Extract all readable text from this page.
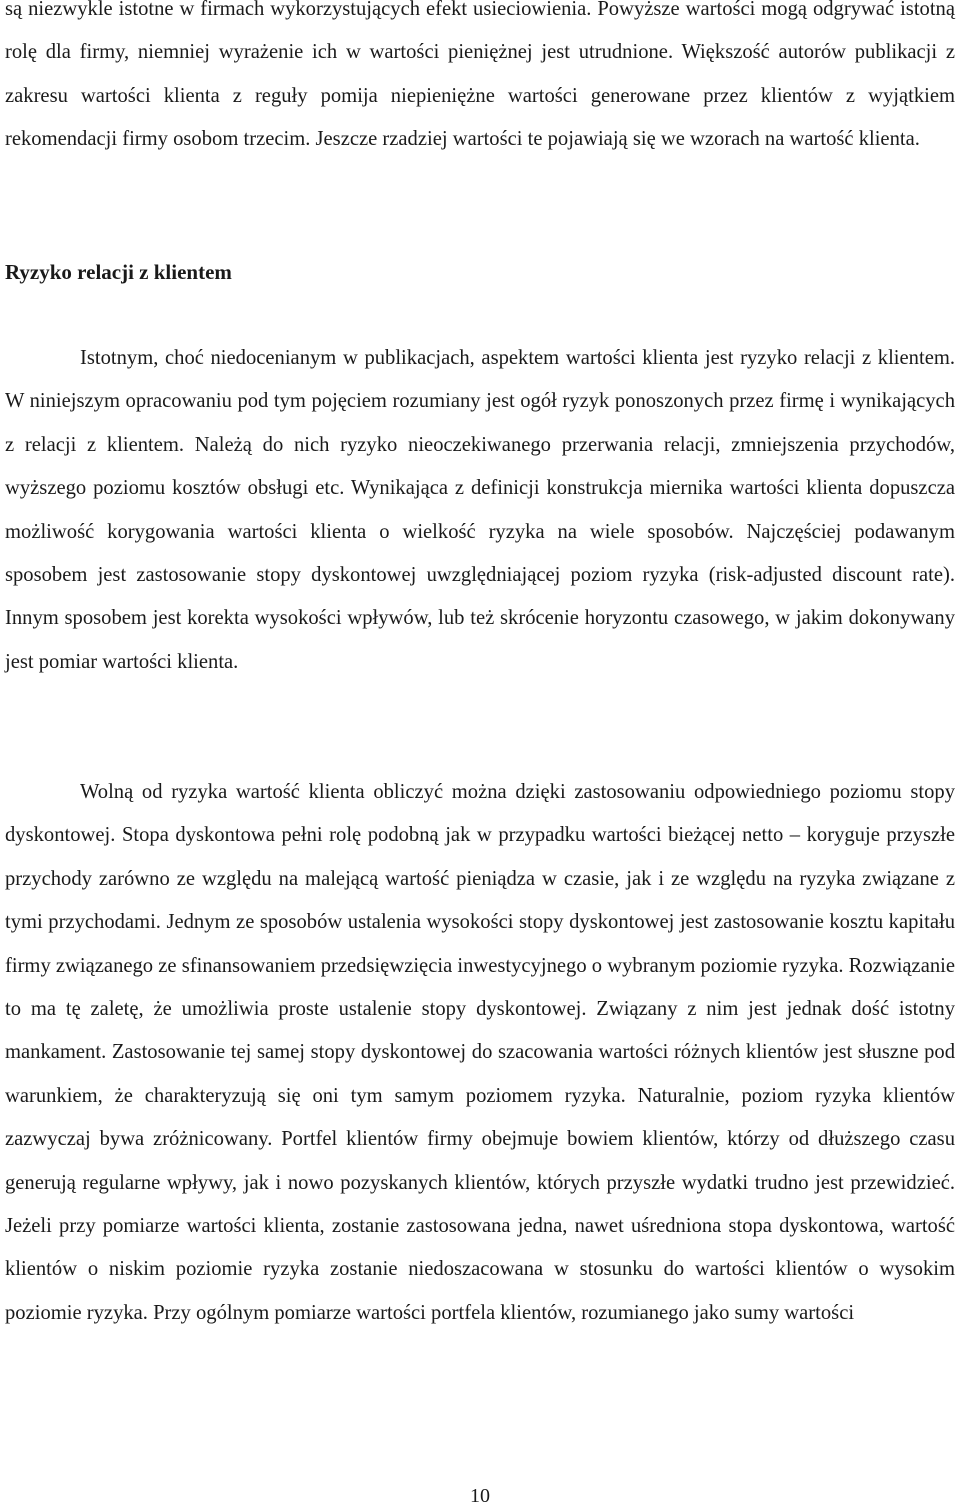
są niezwykle istotne w firmach wykorzystujących efekt usieciowienia. Powyższe wartości mogą odgrywać istotną rolę dla firmy, niemniej wyrażenie ich w wartości pieniężnej jest utrudnione. Większość autorów publikacji z zakresu wartości klienta z reguły pomija niepieniężne wartości generowane przez klientów z wyjątkiem rekomendacji firmy osobom trzecim. Jeszcze rzadziej wartości te pojawiają się we wzorach na wartość klienta.

Ryzyko relacji z klientem

Istotnym, choć niedocenianym w publikacjach, aspektem wartości klienta jest ryzyko relacji z klientem. W niniejszym opracowaniu pod tym pojęciem rozumiany jest ogół ryzyk ponoszonych przez firmę i wynikających z relacji z klientem. Należą do nich ryzyko nieoczekiwanego przerwania relacji, zmniejszenia przychodów, wyższego poziomu kosztów obsługi etc. Wynikająca z definicji konstrukcja miernika wartości klienta dopuszcza możliwość korygowania wartości klienta o wielkość ryzyka na wiele sposobów. Najczęściej podawanym sposobem jest zastosowanie stopy dyskontowej uwzględniającej poziom ryzyka (risk-adjusted discount rate). Innym sposobem jest korekta wysokości wpływów, lub też skrócenie horyzontu czasowego, w jakim dokonywany jest pomiar wartości klienta.

Wolną od ryzyka wartość klienta obliczyć można dzięki zastosowaniu odpowiedniego poziomu stopy dyskontowej. Stopa dyskontowa pełni rolę podobną jak w przypadku wartości bieżącej netto – koryguje przyszłe przychody zarówno ze względu na malejącą wartość pieniądza w czasie, jak i ze względu na ryzyka związane z tymi przychodami. Jednym ze sposobów ustalenia wysokości stopy dyskontowej jest zastosowanie kosztu kapitału firmy związanego ze sfinansowaniem przedsięwzięcia inwestycyjnego o wybranym poziomie ryzyka. Rozwiązanie to ma tę zaletę, że umożliwia proste ustalenie stopy dyskontowej. Związany z nim jest jednak dość istotny mankament. Zastosowanie tej samej stopy dyskontowej do szacowania wartości różnych klientów jest słuszne pod warunkiem, że charakteryzują się oni tym samym poziomem ryzyka. Naturalnie, poziom ryzyka klientów zazwyczaj bywa zróżnicowany. Portfel klientów firmy obejmuje bowiem klientów, którzy od dłuższego czasu generują regularne wpływy, jak i nowo pozyskanych klientów, których przyszłe wydatki trudno jest przewidzieć. Jeżeli przy pomiarze wartości klienta, zostanie zastosowana jedna, nawet uśredniona stopa dyskontowa, wartość klientów o niskim poziomie ryzyka zostanie niedoszacowana w stosunku do wartości klientów o wysokim poziomie ryzyka. Przy ogólnym pomiarze wartości portfela klientów, rozumianego jako sumy wartości

10
